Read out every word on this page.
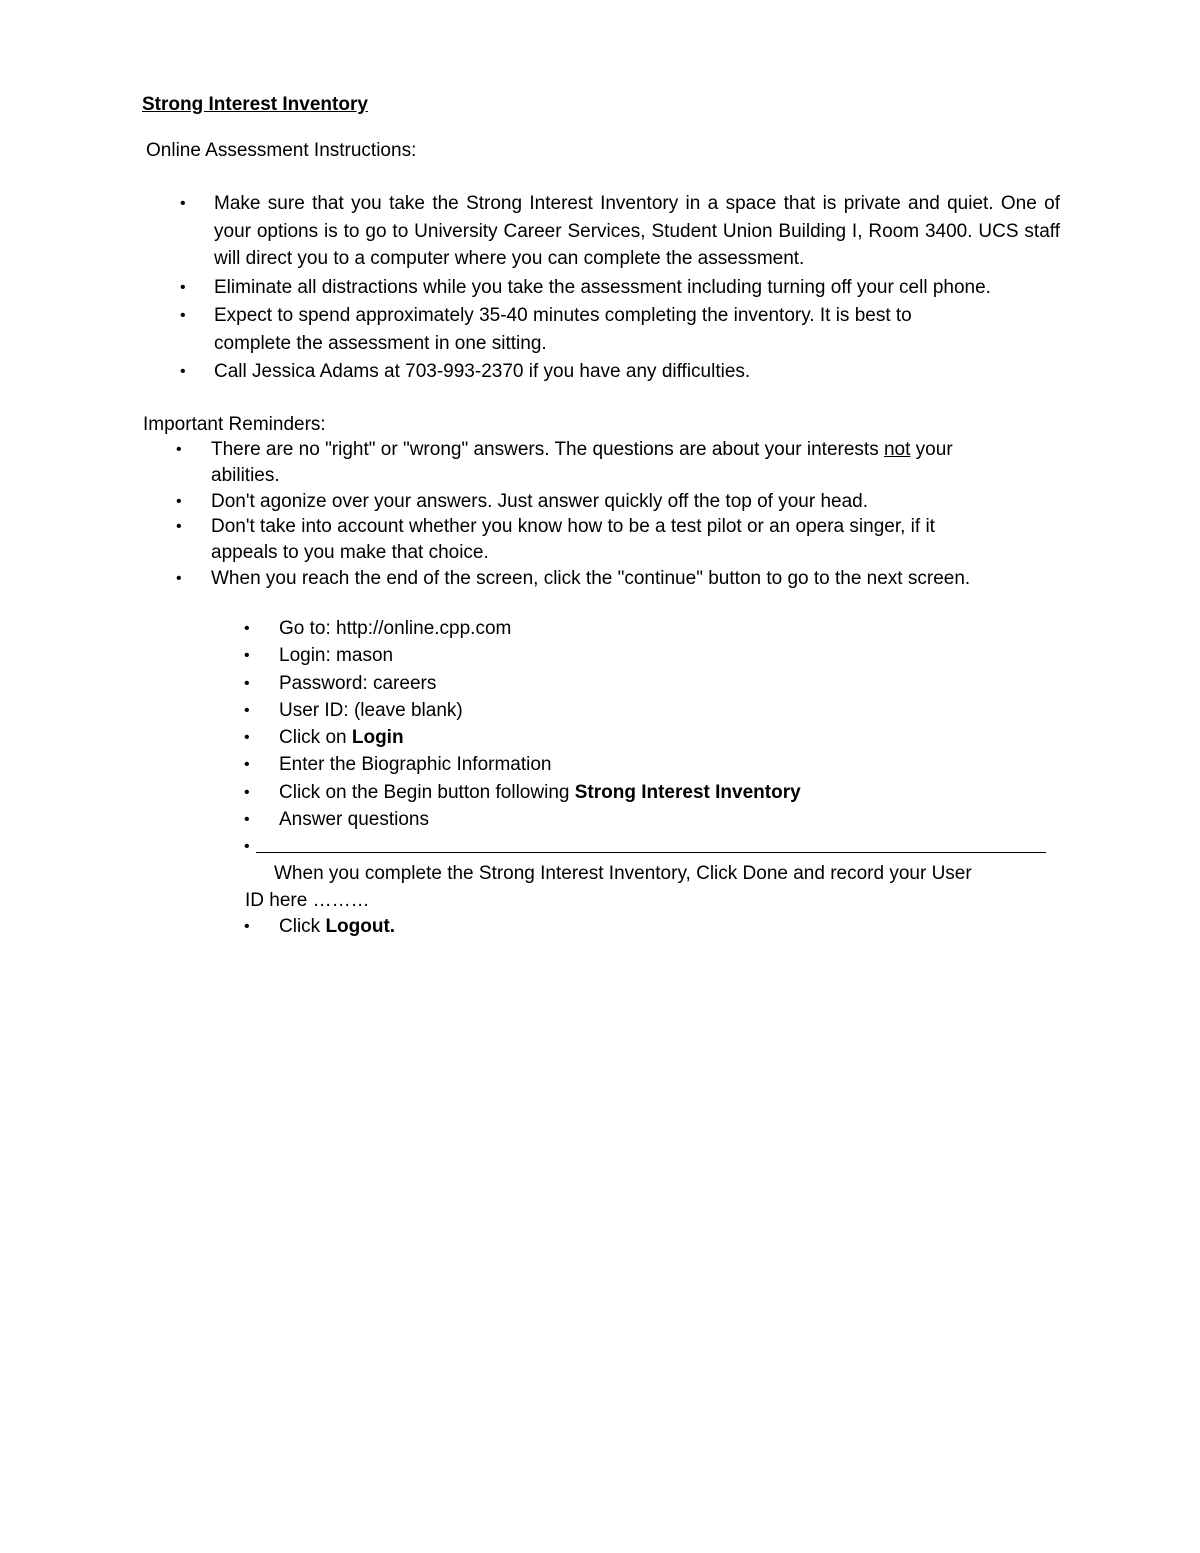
Strong Interest Inventory
Online Assessment Instructions:
• Make sure that you take the Strong Interest Inventory in a space that is private and quiet. One of your options is to go to University Career Services, Student Union Building I, Room 3400. UCS staff will direct you to a computer where you can complete the assessment.
• Eliminate all distractions while you take the assessment including turning off your cell phone.
• Expect to spend approximately 35-40 minutes completing the inventory. It is best to complete the assessment in one sitting.
• Call Jessica Adams at 703-993-2370 if you have any difficulties.
Important Reminders:
• There are no "right" or "wrong" answers. The questions are about your interests not your abilities.
• Don't agonize over your answers. Just answer quickly off the top of your head.
• Don't take into account whether you know how to be a test pilot or an opera singer, if it appeals to you make that choice.
• When you reach the end of the screen, click the "continue" button to go to the next screen.
• Go to: http://online.cpp.com
• Login: mason
• Password: careers
• User ID: (leave blank)
• Click on Login
• Enter the Biographic Information
• Click on the Begin button following Strong Interest Inventory
• Answer questions
•

When you complete the Strong Interest Inventory, Click Done and record your User
ID here ………
• Click Logout.
